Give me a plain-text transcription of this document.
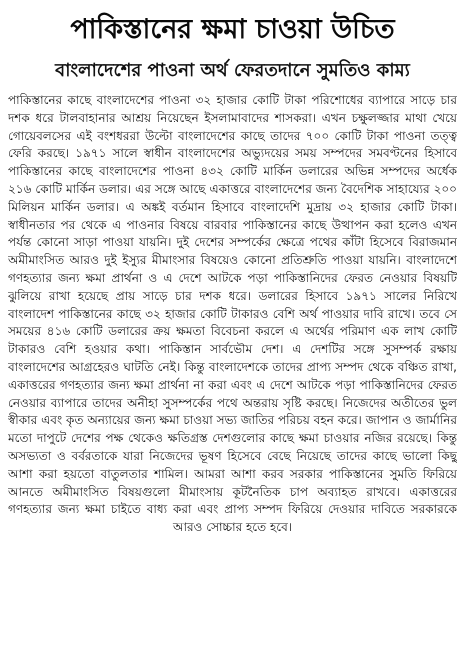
পাকিস্তানের ক্ষমা চাওয়া উচিত
বাংলাদেশের পাওনা অর্থ ফেরতদানে সুমতিও কাম্য

পাকিস্তানের কাছে বাংলাদেশের পাওনা ৩২ হাজার কোটি টাকা পরিশোধের ব্যাপারে সাড়ে চার দশক ধরে টালবাহানার আশ্রয় নিয়েছেন ইসলামাবাদের শাসকরা। এখন চক্ষুলজ্জার মাথা খেয়ে গোয়েবলসের এই বংশধররা উল্টো বাংলাদেশের কাছে তাদের ৭০০ কোটি টাকা পাওনা তত্ত্ব ফেরি করছে। ১৯৭১ সালে স্বাধীন বাংলাদেশের অভ্যুদয়ের সময় সম্পদের সমবণ্টনের হিসাবে পাকিস্তানের কাছে বাংলাদেশের পাওনা ৪৩২ কোটি মার্কিন ডলারের অভিন্ন সম্পদের অর্ধেক ২১৬ কোটি মার্কিন ডলার। এর সঙ্গে আছে একাত্তরে বাংলাদেশের জন্য বৈদেশিক সাহায্যের ২০০ মিলিয়ন মার্কিন ডলার। এ অঙ্কই বর্তমান হিসাবে বাংলাদেশি মুদ্রায় ৩২ হাজার কোটি টাকা। স্বাধীনতার পর থেকে এ পাওনার বিষয়ে বারবার পাকিস্তানের কাছে উত্থাপন করা হলেও এখন পর্যন্ত কোনো সাড়া পাওয়া যায়নি। দুই দেশের সম্পর্কের ক্ষেত্রে পথের কাঁটা হিসেবে বিরাজমান অমীমাংসিত আরও দুই ইস্যুর মীমাংসার বিষয়েও কোনো প্রতিশ্রুতি পাওয়া যায়নি। বাংলাদেশে গণহত্যার জন্য ক্ষমা প্রার্থনা ও এ দেশে আটকে পড়া পাকিস্তানিদের ফেরত নেওয়ার বিষয়টি ঝুলিয়ে রাখা হয়েছে প্রায় সাড়ে চার দশক ধরে। ডলারের হিসাবে ১৯৭১ সালের নিরিখে বাংলাদেশ পাকিস্তানের কাছে ৩২ হাজার কোটি টাকারও বেশি অর্থ পাওয়ার দাবি রাখে। তবে সে সময়ের ৪১৬ কোটি ডলারের ক্রয় ক্ষমতা বিবেচনা করলে এ অর্থের পরিমাণ এক লাখ কোটি টাকারও বেশি হওয়ার কথা। পাকিস্তান সার্বভৌম দেশ। এ দেশটির সঙ্গে সুসম্পর্ক রক্ষায় বাংলাদেশের আগ্রহেরও ঘাটতি নেই। কিন্তু বাংলাদেশকে তাদের প্রাপ্য সম্পদ থেকে বঞ্চিত রাখা, একাত্তরের গণহত্যার জন্য ক্ষমা প্রার্থনা না করা এবং এ দেশে আটকে পড়া পাকিস্তানিদের ফেরত নেওয়ার ব্যাপারে তাদের অনীহা সুসম্পর্কের পথে অন্তরায় সৃষ্টি করছে। নিজেদের অতীতের ভুল স্বীকার এবং কৃত অন্যায়ের জন্য ক্ষমা চাওয়া সভ্য জাতির পরিচয় বহন করে। জাপান ও জার্মানির মতো দাপুটে দেশের পক্ষ থেকেও ক্ষতিগ্রস্ত দেশগুলোর কাছে ক্ষমা চাওয়ার নজির রয়েছে। কিন্তু অসভ্যতা ও বর্বরতাকে যারা নিজেদের ভূষণ হিসেবে বেছে নিয়েছে তাদের কাছে ভালো কিছু আশা করা হয়তো বাতুলতার শামিল। আমরা আশা করব সরকার পাকিস্তানের সুমতি ফিরিয়ে আনতে অমীমাংসিত বিষয়গুলো মীমাংসায় কূটনৈতিক চাপ অব্যাহত রাখবে। একাত্তরের গণহত্যার জন্য ক্ষমা চাইতে বাধ্য করা এবং প্রাপ্য সম্পদ ফিরিয়ে দেওয়ার দাবিতে সরকারকে আরও সোচ্চার হতে হবে।
